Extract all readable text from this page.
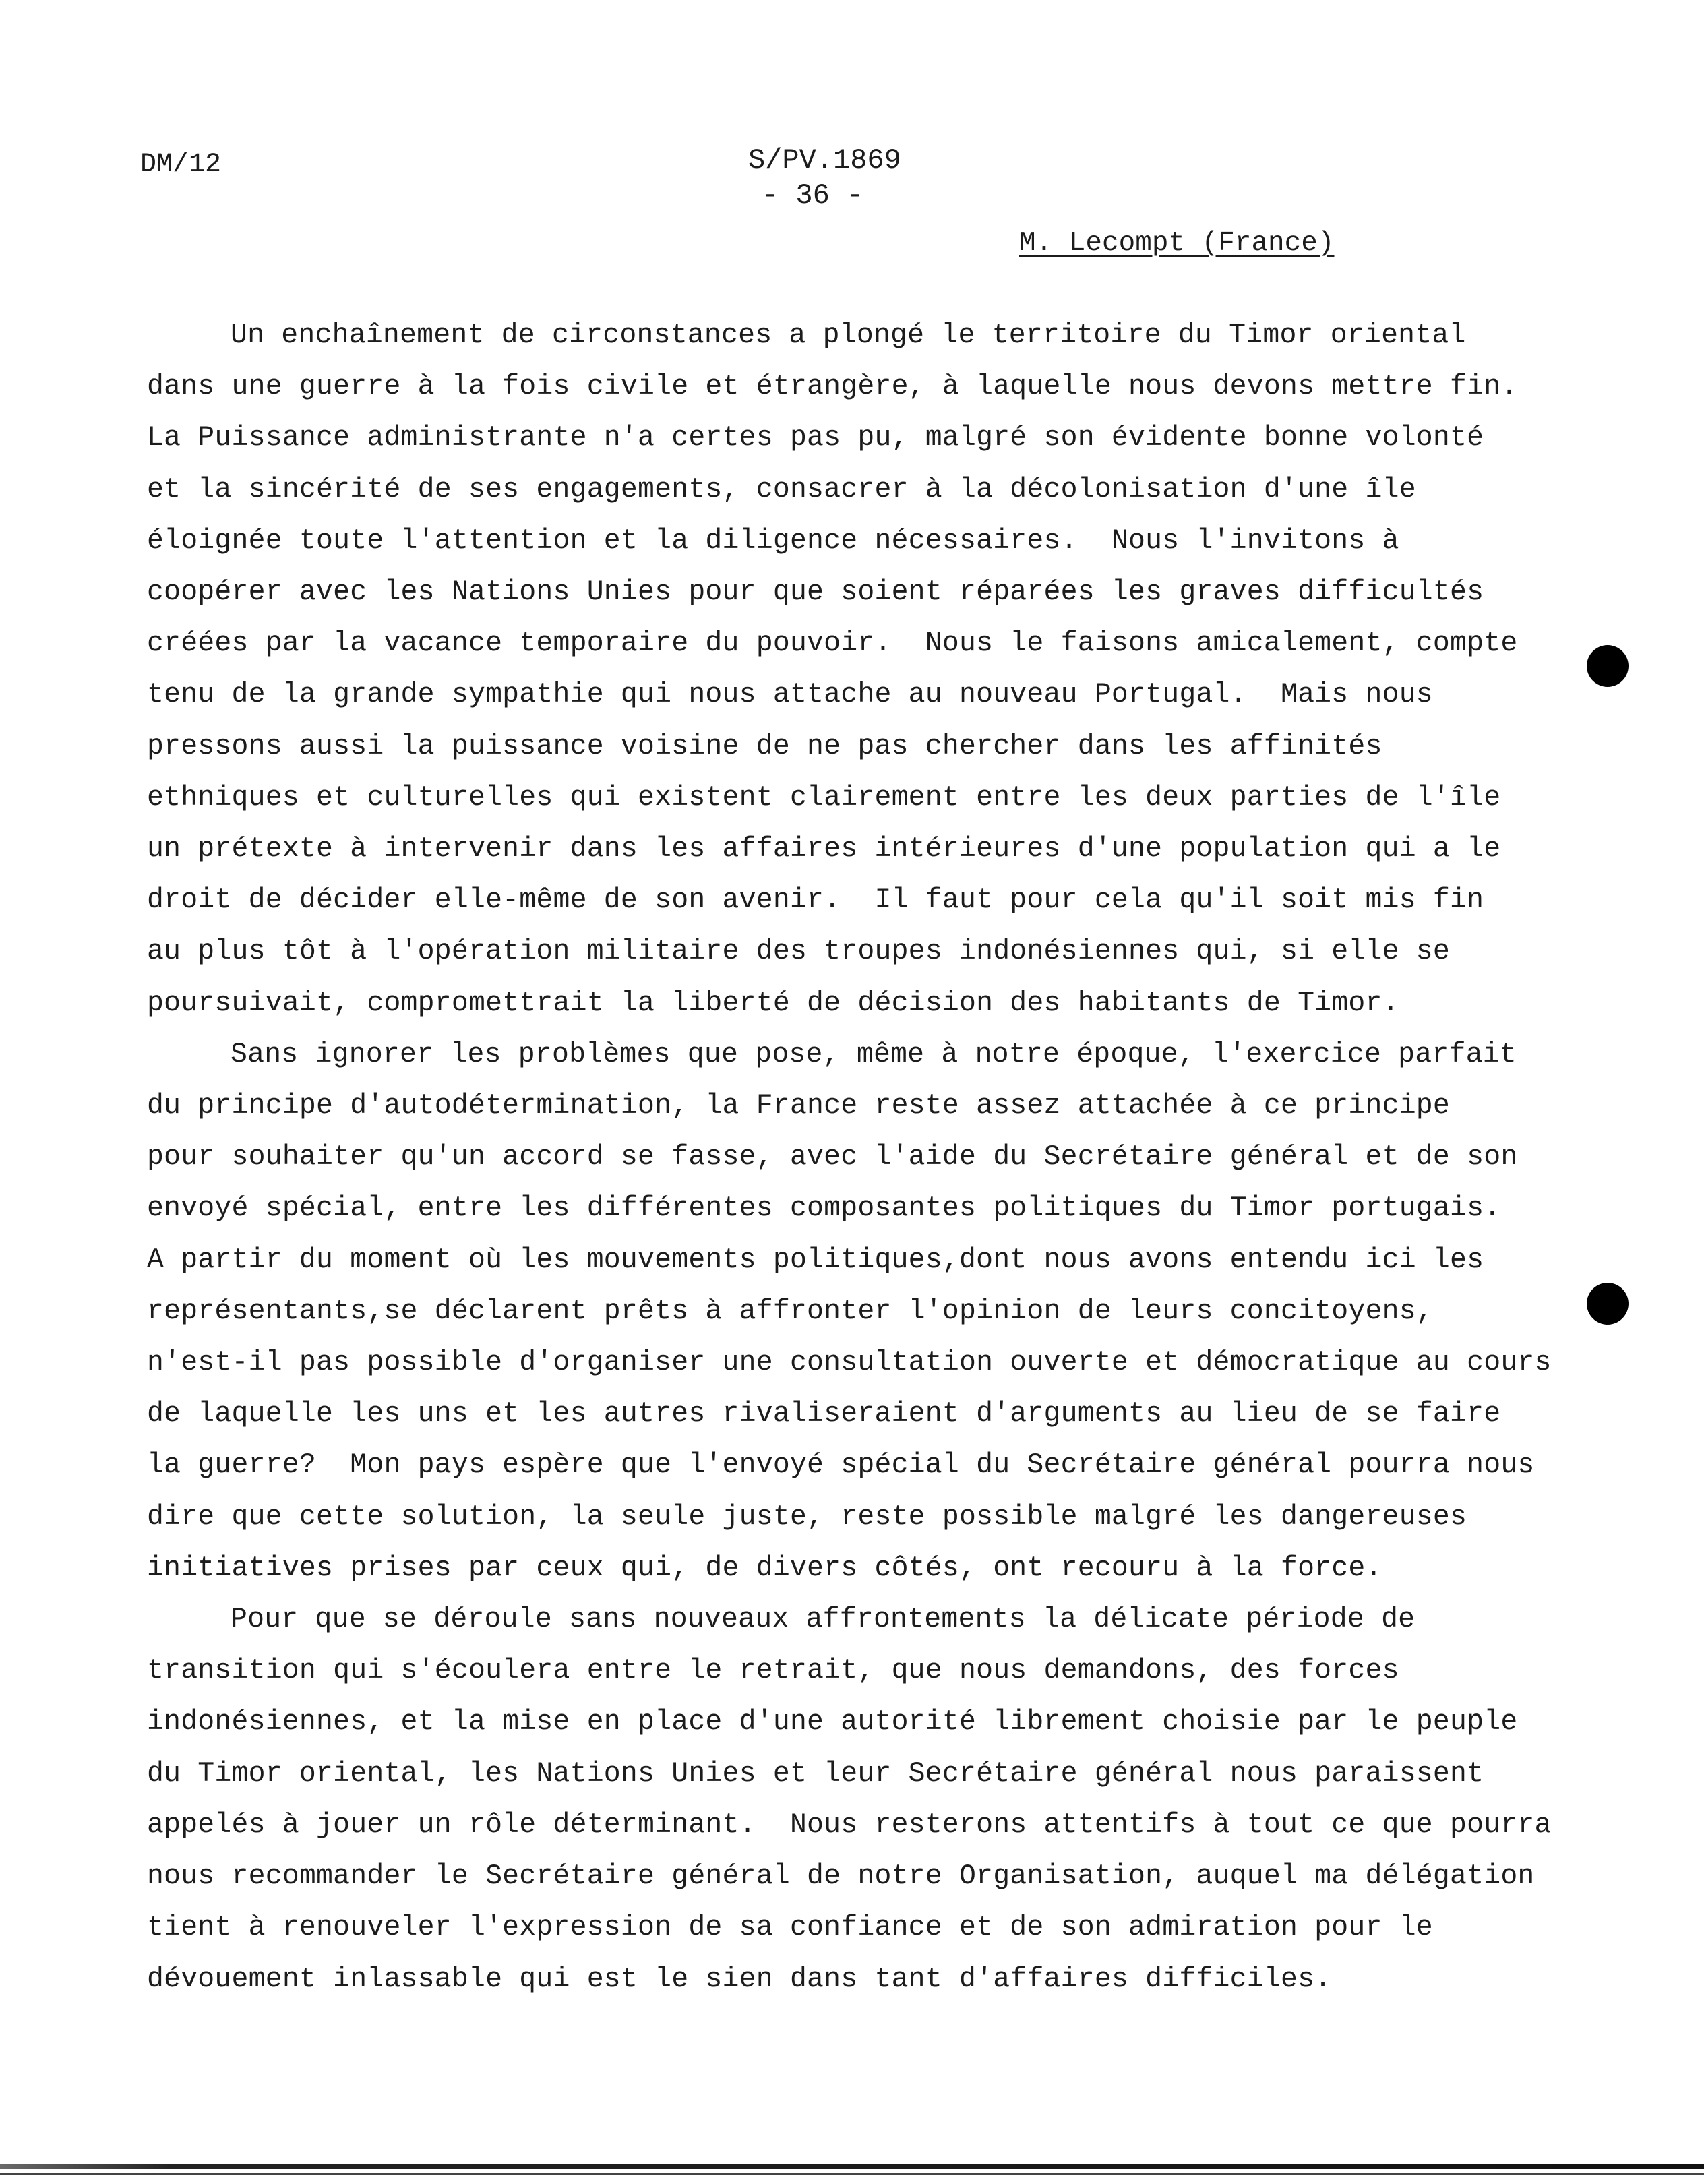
DM/12	S/PV.1869
- 36 -
M. Lecompt (France)
Un enchaînement de circonstances a plongé le territoire du Timor oriental
dans une guerre à la fois civile et étrangère, à laquelle nous devons mettre fin.
La Puissance administrante n'a certes pas pu, malgré son évidente bonne volonté
et la sincérité de ses engagements, consacrer à la décolonisation d'une île
éloignée toute l'attention et la diligence nécessaires.  Nous l'invitons à
coopérer avec les Nations Unies pour que soient réparées les graves difficultés
créées par la vacance temporaire du pouvoir.  Nous le faisons amicalement, compte
tenu de la grande sympathie qui nous attache au nouveau Portugal.  Mais nous
pressons aussi la puissance voisine de ne pas chercher dans les affinités
ethniques et culturelles qui existent clairement entre les deux parties de l'île
un prétexte à intervenir dans les affaires intérieures d'une population qui a le
droit de décider elle-même de son avenir.  Il faut pour cela qu'il soit mis fin
au plus tôt à l'opération militaire des troupes indonésiennes qui, si elle se
poursuivait, compromettrait la liberté de décision des habitants de Timor.
Sans ignorer les problèmes que pose, même à notre époque, l'exercice parfait
du principe d'autodétermination, la France reste assez attachée à ce principe
pour souhaiter qu'un accord se fasse, avec l'aide du Secrétaire général et de son
envoyé spécial, entre les différentes composantes politiques du Timor portugais.
A partir du moment où les mouvements politiques,dont nous avons entendu ici les
représentants,se déclarent prêts à affronter l'opinion de leurs concitoyens,
n'est-il pas possible d'organiser une consultation ouverte et démocratique au cours
de laquelle les uns et les autres rivaliseraient d'arguments au lieu de se faire
la guerre?  Mon pays espère que l'envoyé spécial du Secrétaire général pourra nous
dire que cette solution, la seule juste, reste possible malgré les dangereuses
initiatives prises par ceux qui, de divers côtés, ont recouru à la force.
Pour que se déroule sans nouveaux affrontements la délicate période de
transition qui s'écoulera entre le retrait, que nous demandons, des forces
indonésiennes, et la mise en place d'une autorité librement choisie par le peuple
du Timor oriental, les Nations Unies et leur Secrétaire général nous paraissent
appelés à jouer un rôle déterminant.  Nous resterons attentifs à tout ce que pourra
nous recommander le Secrétaire général de notre Organisation, auquel ma délégation
tient à renouveler l'expression de sa confiance et de son admiration pour le
dévouement inlassable qui est le sien dans tant d'affaires difficiles.
